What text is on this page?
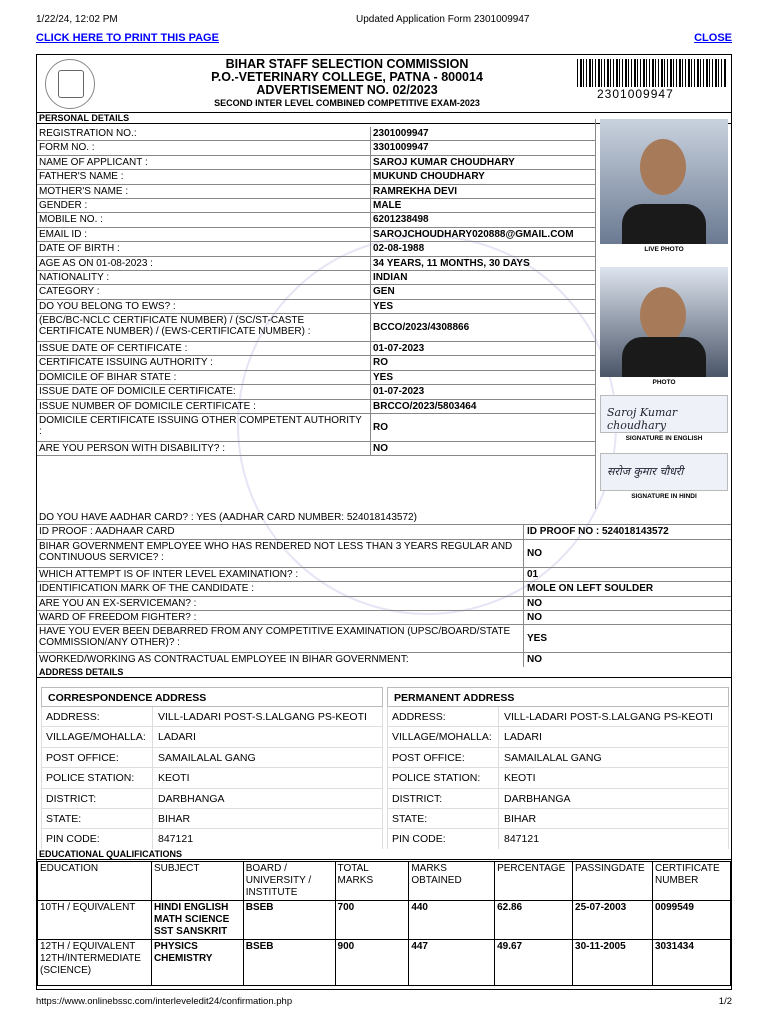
1/22/24, 12:02 PM	Updated Application Form 2301009947
CLICK HERE TO PRINT THIS PAGE	CLOSE
BIHAR STAFF SELECTION COMMISSION
P.O.-VETERINARY COLLEGE, PATNA - 800014
ADVERTISEMENT NO. 02/2023
SECOND INTER LEVEL COMBINED COMPETITIVE EXAM-2023
2301009947
PERSONAL DETAILS
REGISTRATION NO.:	2301009947
FORM NO. :	3301009947
NAME OF APPLICANT :	SAROJ KUMAR CHOUDHARY
FATHER'S NAME :	MUKUND CHOUDHARY
MOTHER'S NAME :	RAMREKHA DEVI
GENDER :	MALE
MOBILE NO. :	6201238498
EMAIL ID :	SAROJCHOUDHARY020888@GMAIL.COM
DATE OF BIRTH :	02-08-1988
AGE AS ON 01-08-2023 :	34 YEARS, 11 MONTHS, 30 DAYS
NATIONALITY :	INDIAN
CATEGORY :	GEN
DO YOU BELONG TO EWS? :	YES
(EBC/BC-NCLC CERTIFICATE NUMBER) / (SC/ST-CASTE CERTIFICATE NUMBER) / (EWS-CERTIFICATE NUMBER) :	BCCO/2023/4308866
ISSUE DATE OF CERTIFICATE :	01-07-2023
CERTIFICATE ISSUING AUTHORITY :	RO
DOMICILE OF BIHAR STATE :	YES
ISSUE DATE OF DOMICILE CERTIFICATE:	01-07-2023
ISSUE NUMBER OF DOMICILE CERTIFICATE :	BRCCO/2023/5803464
DOMICILE CERTIFICATE ISSUING OTHER COMPETENT AUTHORITY :	RO
ARE YOU PERSON WITH DISABILITY? :	NO
LIVE PHOTO
PHOTO
Saroj Kumar choudhary
SIGNATURE IN ENGLISH
सरोज कुमार चौधरी
SIGNATURE IN HINDI
DO YOU HAVE AADHAR CARD? : YES (AADHAR CARD NUMBER: 524018143572)
ID PROOF : AADHAAR CARD	ID PROOF NO : 524018143572
BIHAR GOVERNMENT EMPLOYEE WHO HAS RENDERED NOT LESS THAN 3 YEARS REGULAR AND CONTINUOUS SERVICE? :	NO
WHICH ATTEMPT IS OF INTER LEVEL EXAMINATION? :	01
IDENTIFICATION MARK OF THE CANDIDATE :	MOLE ON LEFT SOULDER
ARE YOU AN EX-SERVICEMAN? :	NO
WARD OF FREEDOM FIGHTER? :	NO
HAVE YOU EVER BEEN DEBARRED FROM ANY COMPETITIVE EXAMINATION (UPSC/BOARD/STATE COMMISSION/ANY OTHER)? :	YES
WORKED/WORKING AS CONTRACTUAL EMPLOYEE IN BIHAR GOVERNMENT:	NO
ADDRESS DETAILS
CORRESPONDENCE ADDRESS
ADDRESS:	VILL-LADARI POST-S.LALGANG PS-KEOTI
VILLAGE/MOHALLA: LADARI
POST OFFICE:	SAMAILALAL GANG
POLICE STATION: KEOTI
DISTRICT:	DARBHANGA
STATE:	BIHAR
PIN CODE:	847121
PERMANENT ADDRESS
ADDRESS:	VILL-LADARI POST-S.LALGANG PS-KEOTI
VILLAGE/MOHALLA: LADARI
POST OFFICE:	SAMAILALAL GANG
POLICE STATION: KEOTI
DISTRICT:	DARBHANGA
STATE:	BIHAR
PIN CODE:	847121
EDUCATIONAL QUALIFICATIONS
EDUCATION	SUBJECT	BOARD / UNIVERSITY / INSTITUTE	TOTAL MARKS	MARKS OBTAINED	PERCENTAGE	PASSINGDATE	CERTIFICATE NUMBER
10TH / EQUIVALENT	HINDI ENGLISH MATH SCIENCE SST SANSKRIT	BSEB	700	440	62.86	25-07-2003	0099549
12TH / EQUIVALENT 12TH/INTERMEDIATE (SCIENCE)	PHYSICS CHEMISTRY	BSEB	900	447	49.67	30-11-2005	3031434
https://www.onlinebssc.com/interleveledit24/confirmation.php	1/2
